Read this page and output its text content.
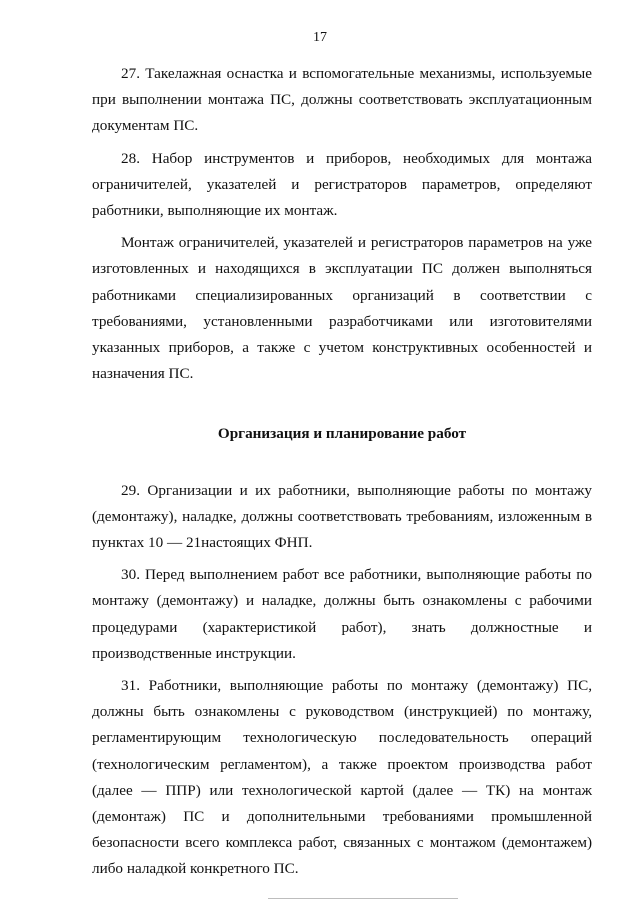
17

27. Такелажная оснастка и вспомогательные механизмы, используемые при выполнении монтажа ПС, должны соответствовать эксплуатационным документам ПС.

28. Набор инструментов и приборов, необходимых для монтажа ограничителей, указателей и регистраторов параметров, определяют работники, выполняющие их монтаж.

Монтаж ограничителей, указателей и регистраторов параметров на уже изготовленных и находящихся в эксплуатации ПС должен выполняться работниками специализированных организаций в соответствии с требованиями, установленными разработчиками или изготовителями указанных приборов, а также с учетом конструктивных особенностей и назначения ПС.

Организация и планирование работ

29. Организации и их работники, выполняющие работы по монтажу (демонтажу), наладке, должны соответствовать требованиям, изложенным в пунктах 10 — 21настоящих ФНП.

30. Перед выполнением работ все работники, выполняющие работы по монтажу (демонтажу) и наладке, должны быть ознакомлены с рабочими процедурами (характеристикой работ), знать должностные и производственные инструкции.

31. Работники, выполняющие работы по монтажу (демонтажу) ПС, должны быть ознакомлены с руководством (инструкцией) по монтажу, регламентирующим технологическую последовательность операций (технологическим регламентом), а также проектом производства работ (далее — ППР) или технологической картой (далее — ТК) на монтаж (демонтаж) ПС и дополнительными требованиями промышленной безопасности всего комплекса работ, связанных с монтажом (демонтажем) либо наладкой конкретного ПС.
